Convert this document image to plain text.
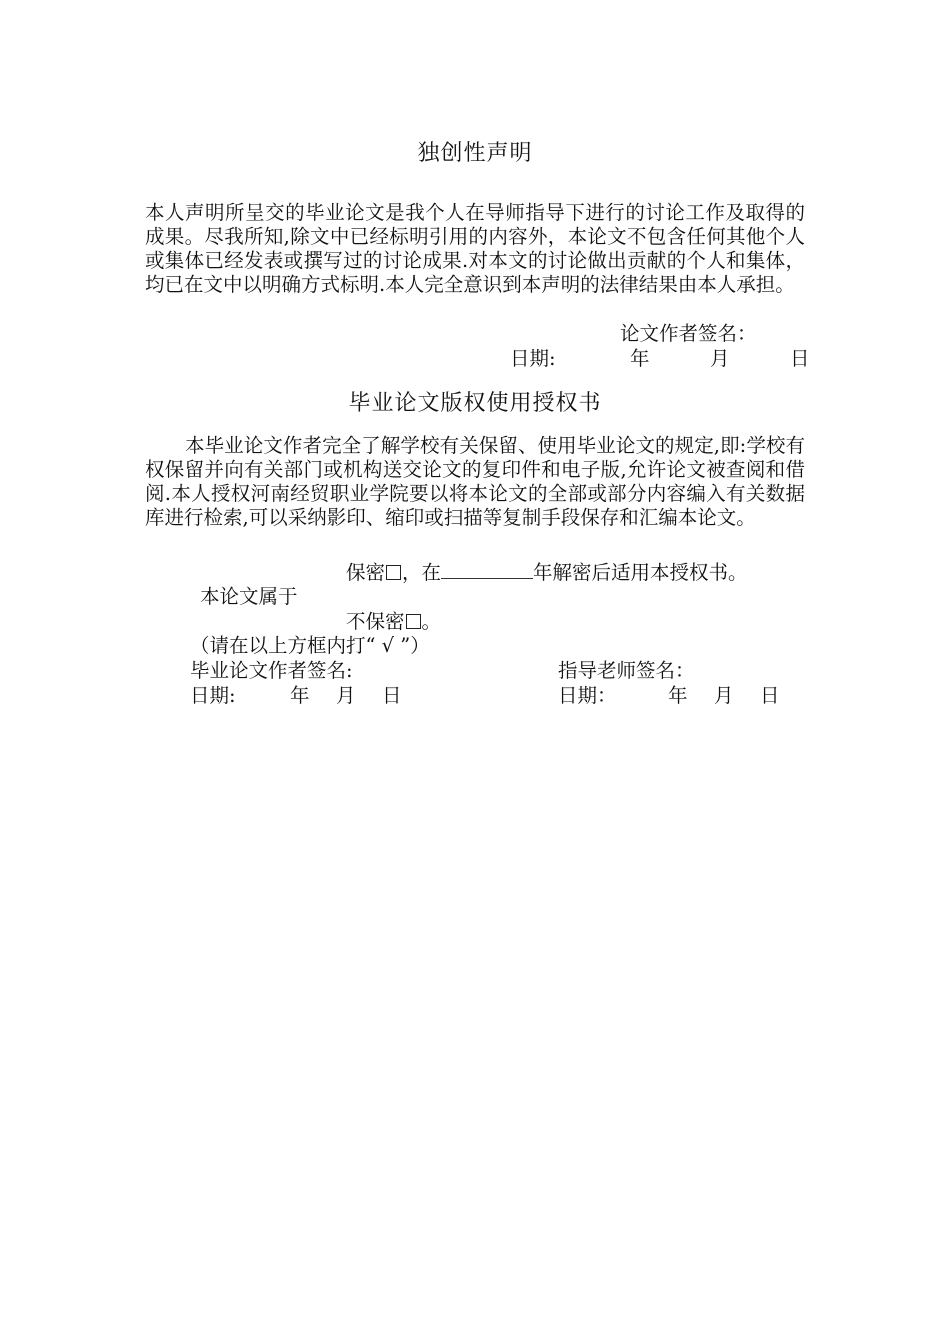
独创性声明

本人声明所呈交的毕业论文是我个人在导师指导下进行的讨论工作及取得的成果。尽我所知,除文中已经标明引用的内容外，本论文不包含任何其他个人或集体已经发表或撰写过的讨论成果.对本文的讨论做出贡献的个人和集体，均已在文中以明确方式标明.本人完全意识到本声明的法律结果由本人承担。

论文作者签名：
日期:	年	月	日
毕业论文版权使用授权书

本毕业论文作者完全了解学校有关保留、使用毕业论文的规定,即:学校有权保留并向有关部门或机构送交论文的复印件和电子版,允许论文被查阅和借阅.本人授权河南经贸职业学院要以将本论文的全部或部分内容编入有关数据库进行检索,可以采纳影印、缩印或扫描等复制手段保存和汇编本论文。

保密 ，在	年解密后适用本授权书。
本论文属于
不保密 。
（请在以上方框内打“ √ ”）
毕业论文作者签名:	指导老师签名：
日期:	年 月 日	日期：	年 月 日
